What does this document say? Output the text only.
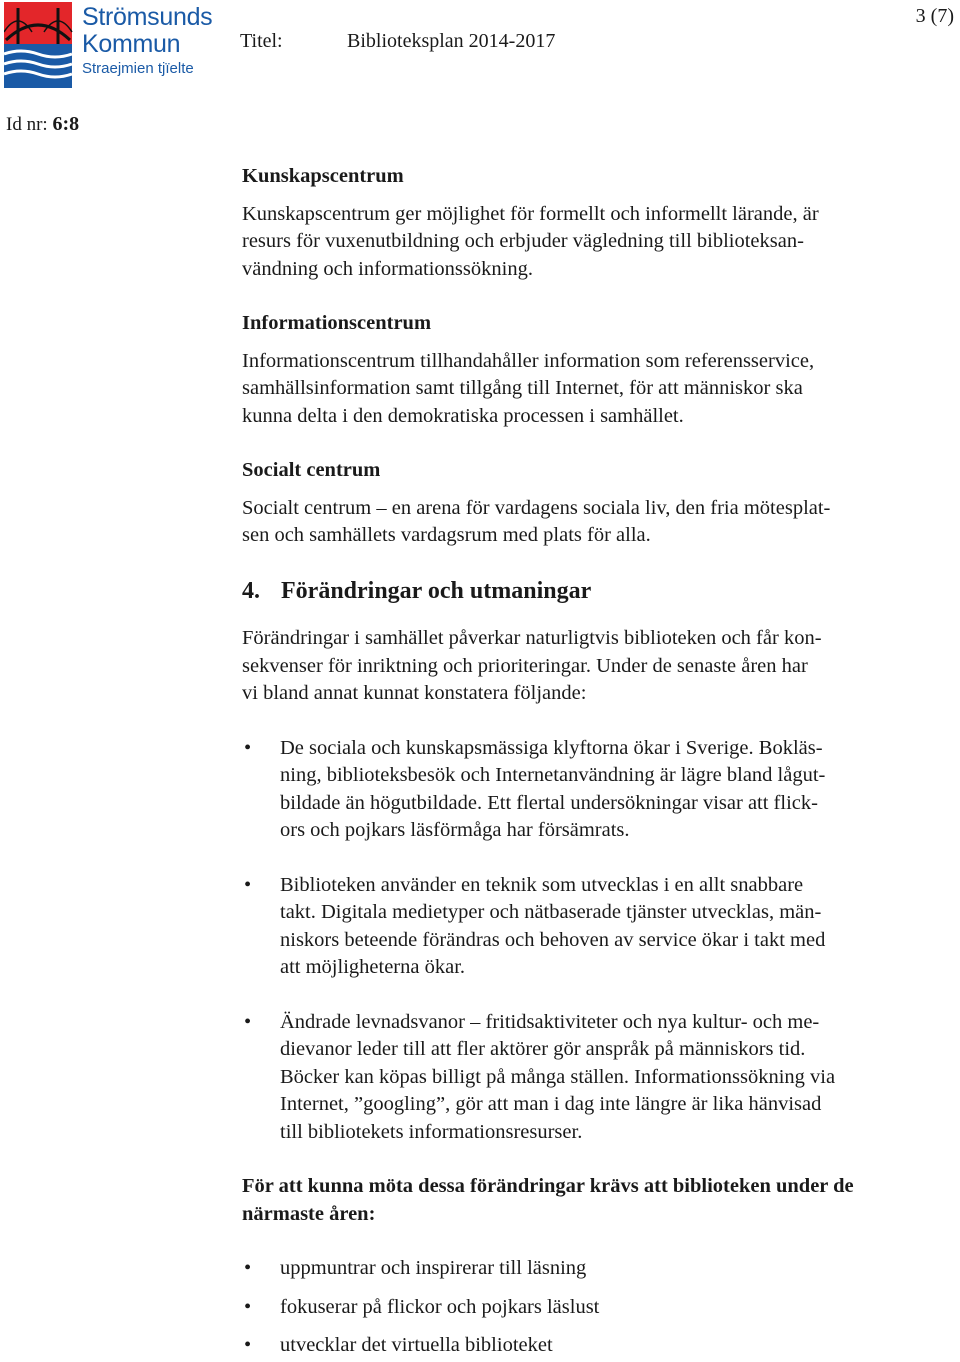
Strömsunds
Kommun
Straejmien tjïelte
Titel:	Biblioteksplan 2014-2017
3 (7)
Id nr: 6:8

Kunskapscentrum

Kunskapscentrum ger möjlighet för formellt och informellt lärande, är
resurs för vuxenutbildning och erbjuder vägledning till biblioteksan-
vändning och informationssökning.

Informationscentrum

Informationscentrum tillhandahåller information som referensservice,
samhällsinformation samt tillgång till Internet, för att människor ska
kunna delta i den demokratiska processen i samhället.

Socialt centrum

Socialt centrum – en arena för vardagens sociala liv, den fria mötesplat-
sen och samhällets vardagsrum med plats för alla.

4. Förändringar och utmaningar

Förändringar i samhället påverkar naturligtvis biblioteken och får kon-
sekvenser för inriktning och prioriteringar. Under de senaste åren har
vi bland annat kunnat konstatera följande:

• De sociala och kunskapsmässiga klyftorna ökar i Sverige. Bokläs-
ning, biblioteksbesök och Internetanvändning är lägre bland lågut-
bildade än högutbildade. Ett flertal undersökningar visar att flick-
ors och pojkars läsförmåga har försämrats.
• Biblioteken använder en teknik som utvecklas i en allt snabbare
takt. Digitala medietyper och nätbaserade tjänster utvecklas, män-
niskors beteende förändras och behoven av service ökar i takt med
att möjligheterna ökar.
• Ändrade levnadsvanor – fritidsaktiviteter och nya kultur- och me-
dievanor leder till att fler aktörer gör anspråk på människors tid.
Böcker kan köpas billigt på många ställen. Informationssökning via
Internet, ”googling”, gör att man i dag inte längre är lika hänvisad
till bibliotekets informationsresurser.

För att kunna möta dessa förändringar krävs att biblioteken under de
närmaste åren:

• uppmuntrar och inspirerar till läsning
• fokuserar på flickor och pojkars läslust
• utvecklar det virtuella biblioteket
